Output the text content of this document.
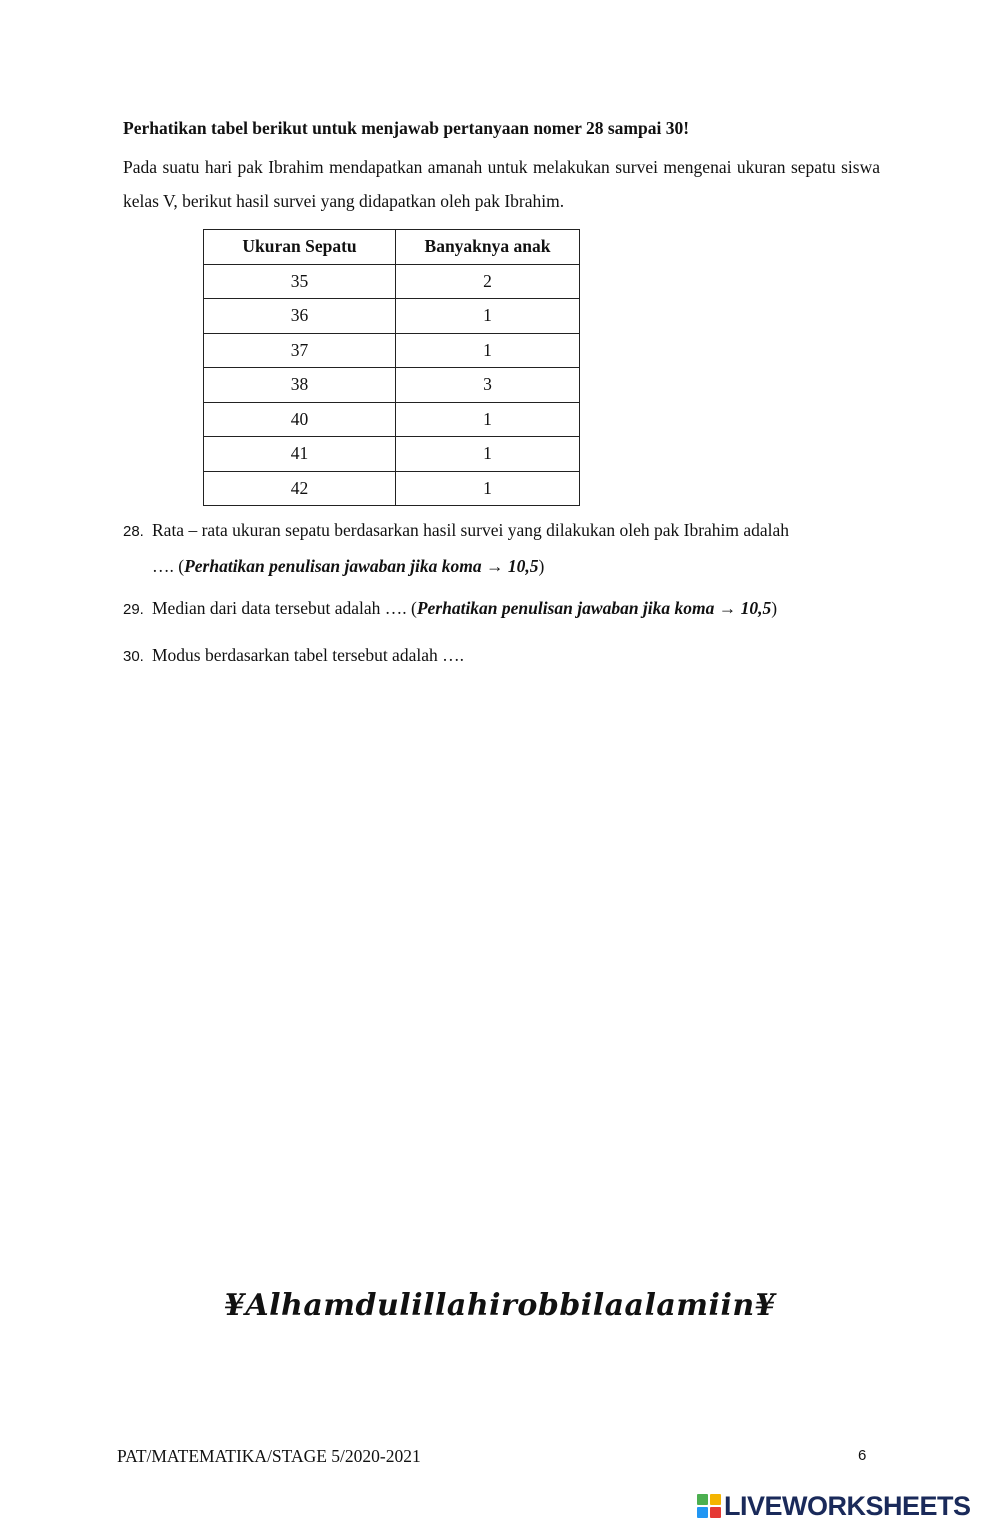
Perhatikan tabel berikut untuk menjawab pertanyaan nomer 28 sampai 30!
Pada suatu hari pak Ibrahim mendapatkan amanah untuk melakukan survei mengenai ukuran sepatu siswa kelas V, berikut hasil survei yang didapatkan oleh pak Ibrahim.
Ukuran Sepatu	Banyaknya anak
35	2
36	1
37	1
38	3
40	1
41	1
42	1
28. Rata – rata ukuran sepatu berdasarkan hasil survei yang dilakukan oleh pak Ibrahim adalah
…. (Perhatikan penulisan jawaban jika koma → 10,5)
29. Median dari data tersebut adalah …. (Perhatikan penulisan jawaban jika koma → 10,5)
30. Modus berdasarkan tabel tersebut adalah ….
¥Alhamdulillahirobbilaalamiin¥
PAT/MATEMATIKA/STAGE 5/2020-2021	6
LIVEWORKSHEETS
